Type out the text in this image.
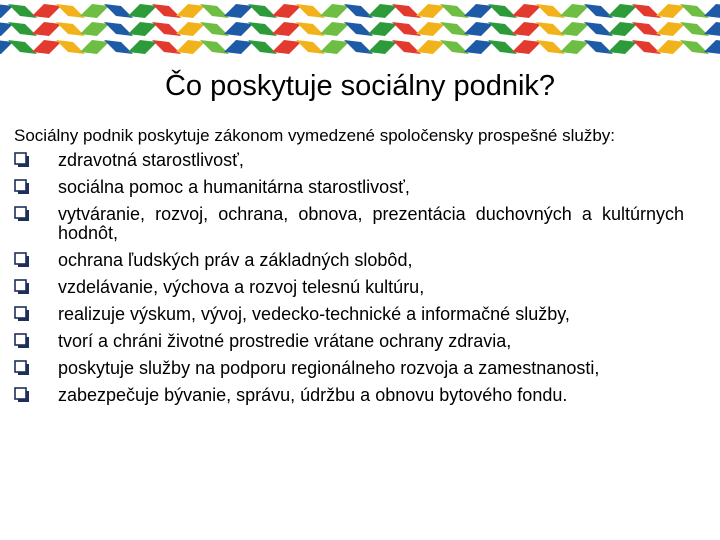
Čo poskytuje sociálny podnik?
Sociálny podnik poskytuje zákonom vymedzené spoločensky prospešné služby:
zdravotná starostlivosť,
sociálna pomoc a humanitárna starostlivosť,
vytváranie, rozvoj, ochrana, obnova, prezentácia duchovných a kultúrnych hodnôt,
ochrana ľudských práv a základných slobôd,
vzdelávanie, výchova a rozvoj telesnú kultúru,
realizuje výskum, vývoj, vedecko-technické a informačné služby,
tvorí a chráni životné prostredie vrátane ochrany zdravia,
poskytuje služby na podporu regionálneho rozvoja a zamestnanosti,
zabezpečuje bývanie, správu, údržbu a obnovu bytového fondu.
